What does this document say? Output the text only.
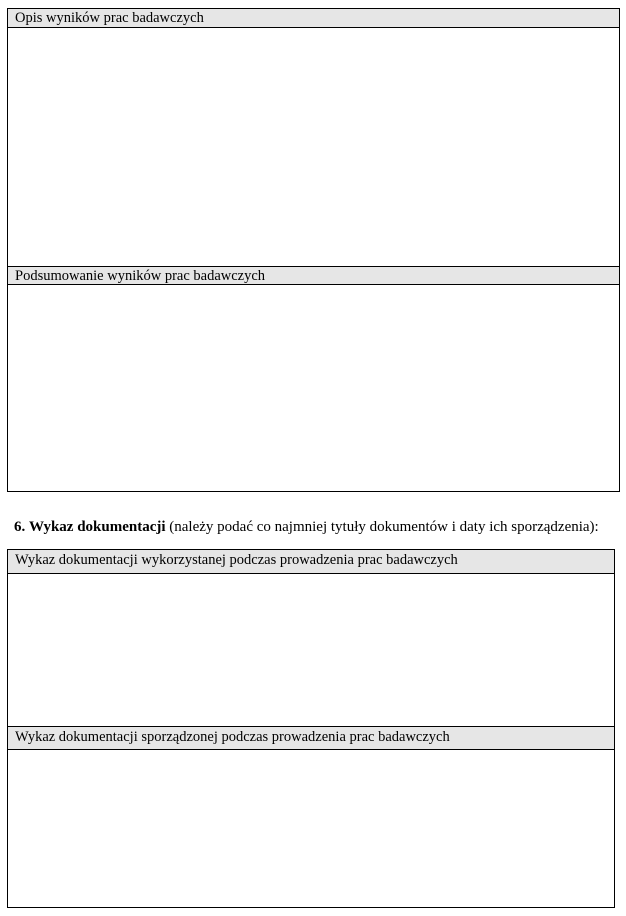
Opis wyników prac badawczych
Podsumowanie wyników prac badawczych
6. Wykaz dokumentacji (należy podać co najmniej tytuły dokumentów i daty ich sporządzenia):
Wykaz dokumentacji wykorzystanej podczas prowadzenia prac badawczych
Wykaz dokumentacji sporządzonej podczas prowadzenia prac badawczych
